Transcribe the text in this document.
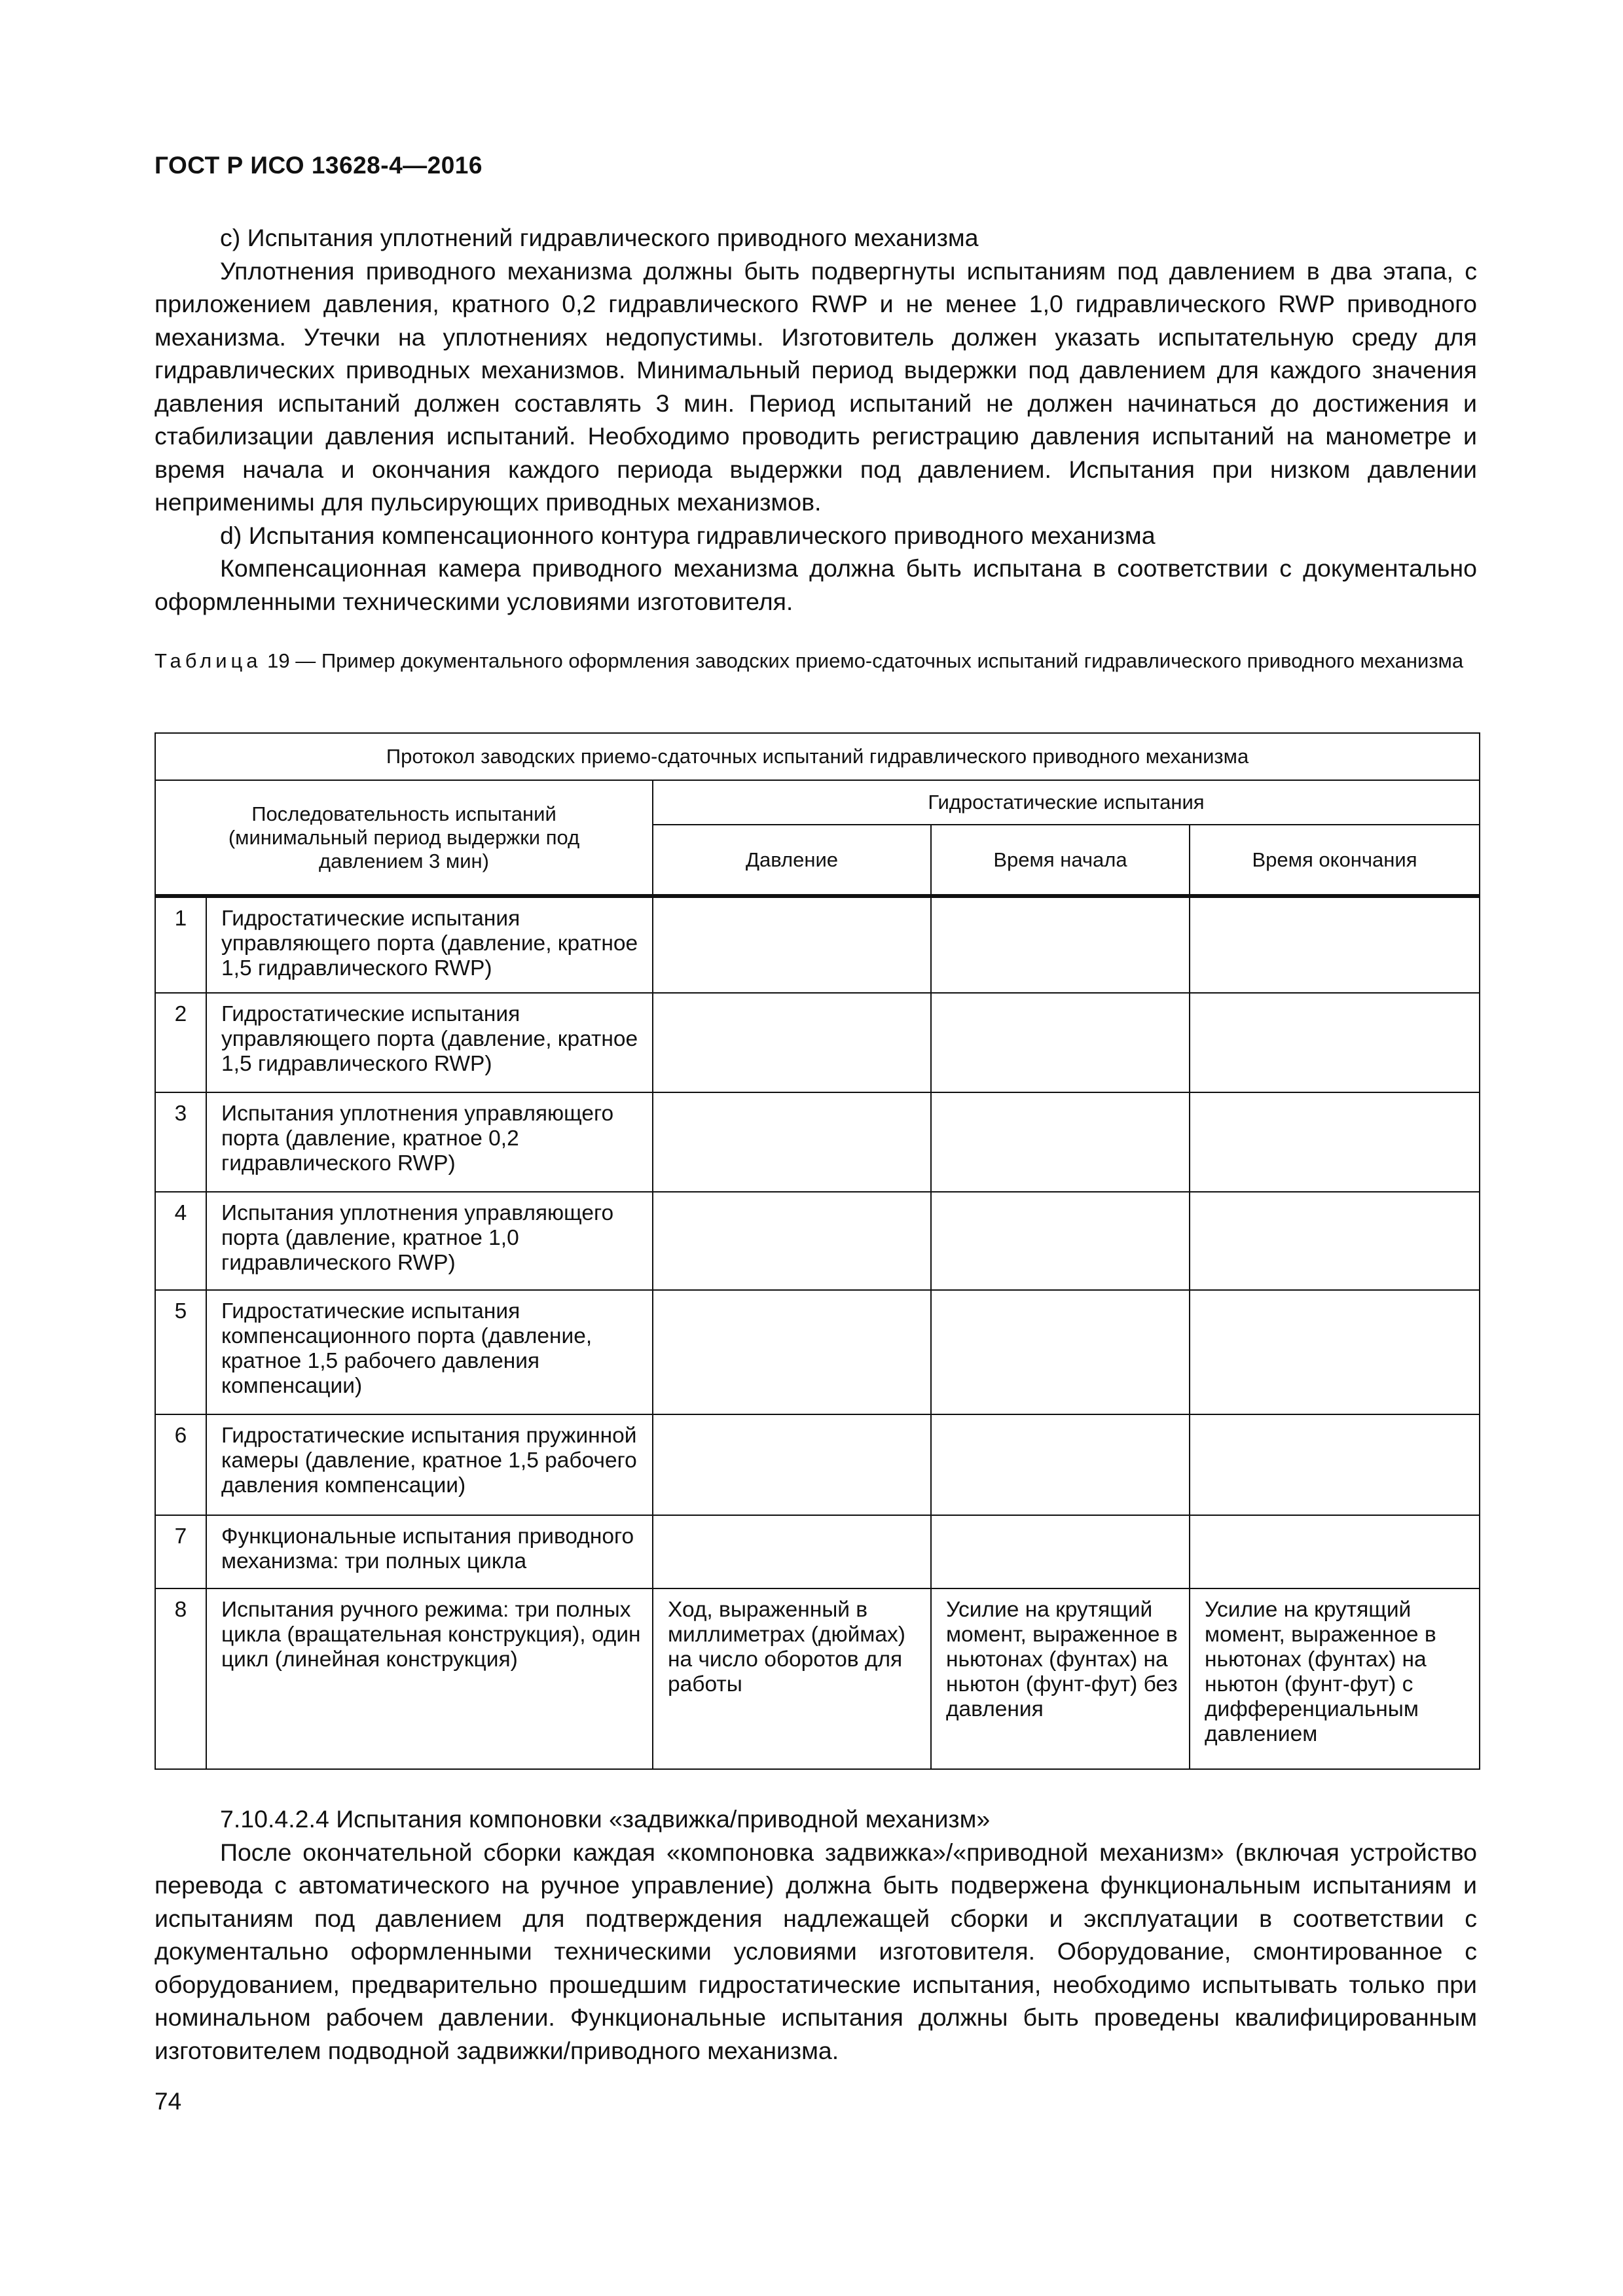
ГОСТ Р ИСО 13628-4—2016

c) Испытания уплотнений гидравлического приводного механизма

Уплотнения приводного механизма должны быть подвергнуты испытаниям под давлением в два этапа, с приложением давления, кратного 0,2 гидравлического RWP и не менее 1,0 гидравлического RWP приводного механизма. Утечки на уплотнениях недопустимы. Изготовитель должен указать испытательную среду для гидравлических приводных механизмов. Минимальный период выдержки под давлением для каждого значения давления испытаний должен составлять 3 мин. Период испытаний не должен начинаться до достижения и стабилизации давления испытаний. Необходимо проводить регистрацию давления испытаний на манометре и время начала и окончания каждого периода выдержки под давлением. Испытания при низком давлении неприменимы для пульсирующих приводных механизмов.

d) Испытания компенсационного контура гидравлического приводного механизма

Компенсационная камера приводного механизма должна быть испытана в соответствии с документально оформленными техническими условиями изготовителя.

Таблица 19 — Пример документального оформления заводских приемо-сдаточных испытаний гидравлического приводного механизма
Протокол заводских приемо-сдаточных испытаний гидравлического приводного механизма				
Последовательность испытаний (минимальный период выдержки под давлением 3 мин)		Гидростатические испытания		
		Давление	Время начала	Время окончания
1	Гидростатические испытания управляющего порта (давление, кратное 1,5 гидравлического RWP)			
2	Гидростатические испытания управляющего порта (давление, кратное 1,5 гидравлического RWP)			
3	Испытания уплотнения управляющего порта (давление, кратное 0,2 гидравлического RWP)			
4	Испытания уплотнения управляющего порта (давление, кратное 1,0 гидравлического RWP)			
5	Гидростатические испытания компенсационного порта (давление, кратное 1,5 рабочего давления компенсации)			
6	Гидростатические испытания пружинной камеры (давление, кратное 1,5 рабочего давления компенсации)			
7	Функциональные испытания приводного механизма: три полных цикла			
8	Испытания ручного режима: три полных цикла (вращательная конструкция), один цикл (линейная конструкция)	Ход, выраженный в миллиметрах (дюймах) на число оборотов для работы	Усилие на крутящий момент, выраженное в ньютонах (фунтах) на ньютон (фунт-фут) без давления	Усилие на крутящий момент, выраженное в ньютонах (фунтах) на ньютон (фунт-фут) с дифференциальным давлением

7.10.4.2.4 Испытания компоновки «задвижка/приводной механизм»

После окончательной сборки каждая «компоновка задвижка»/«приводной механизм» (включая устройство перевода с автоматического на ручное управление) должна быть подвержена функциональным испытаниям и испытаниям под давлением для подтверждения надлежащей сборки и эксплуатации в соответствии с документально оформленными техническими условиями изготовителя. Оборудование, смонтированное с оборудованием, предварительно прошедшим гидростатические испытания, необходимо испытывать только при номинальном рабочем давлении. Функциональные испытания должны быть проведены квалифицированным изготовителем подводной задвижки/приводного механизма.

74
